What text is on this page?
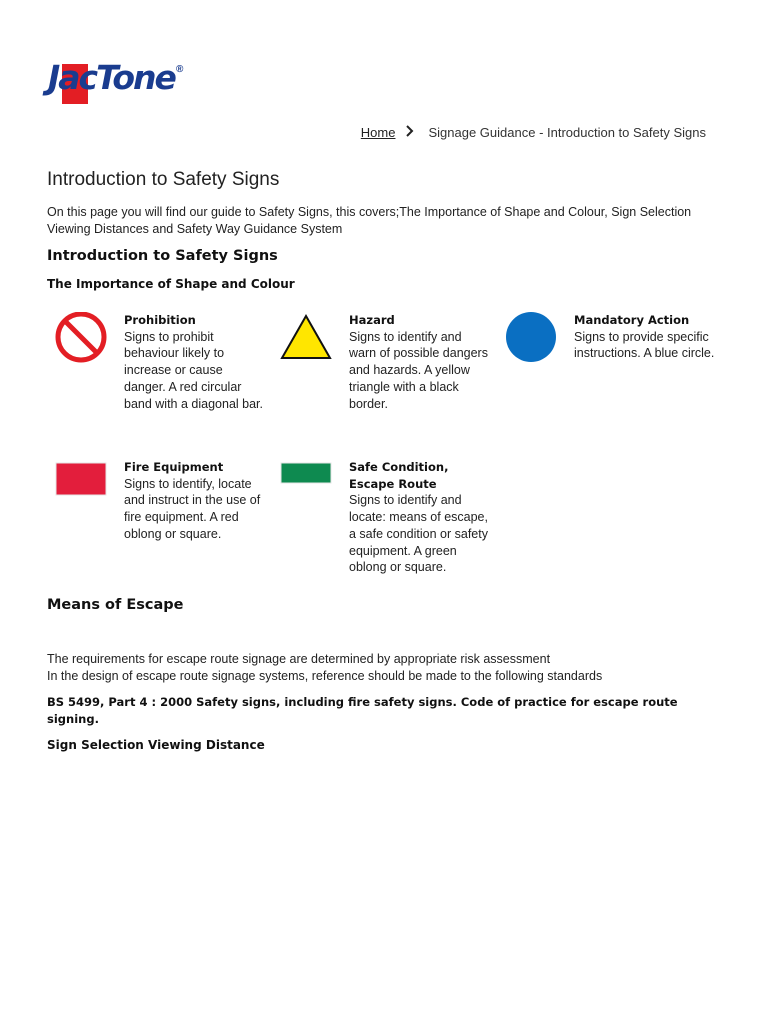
JacTone ®
Home	Signage Guidance - Introduction to Safety Signs
Introduction to Safety Signs

On this page you will find our guide to Safety Signs, this covers;The Importance of Shape and Colour, Sign Selection Viewing Distances and Safety Way Guidance System

Introduction to Safety Signs
The Importance of Shape and Colour
Prohibition
Signs to prohibit behaviour likely to increase or cause danger. A red circular band with a diagonal bar.
Hazard
Signs to identify and warn of possible dangers and hazards. A yellow triangle with a black border.
Mandatory Action
Signs to provide specific instructions. A blue circle.
Fire Equipment
Signs to identify, locate and instruct in the use of fire equipment. A red oblong or square.
Safe Condition, Escape Route
Signs to identify and locate: means of escape, a safe condition or safety equipment. A green oblong or square.
Means of Escape
The requirements for escape route signage are determined by appropriate risk assessment
In the design of escape route signage systems, reference should be made to the following standards

BS 5499, Part 4 : 2000 Safety signs, including fire safety signs. Code of practice for escape route signing.

Sign Selection Viewing Distance
